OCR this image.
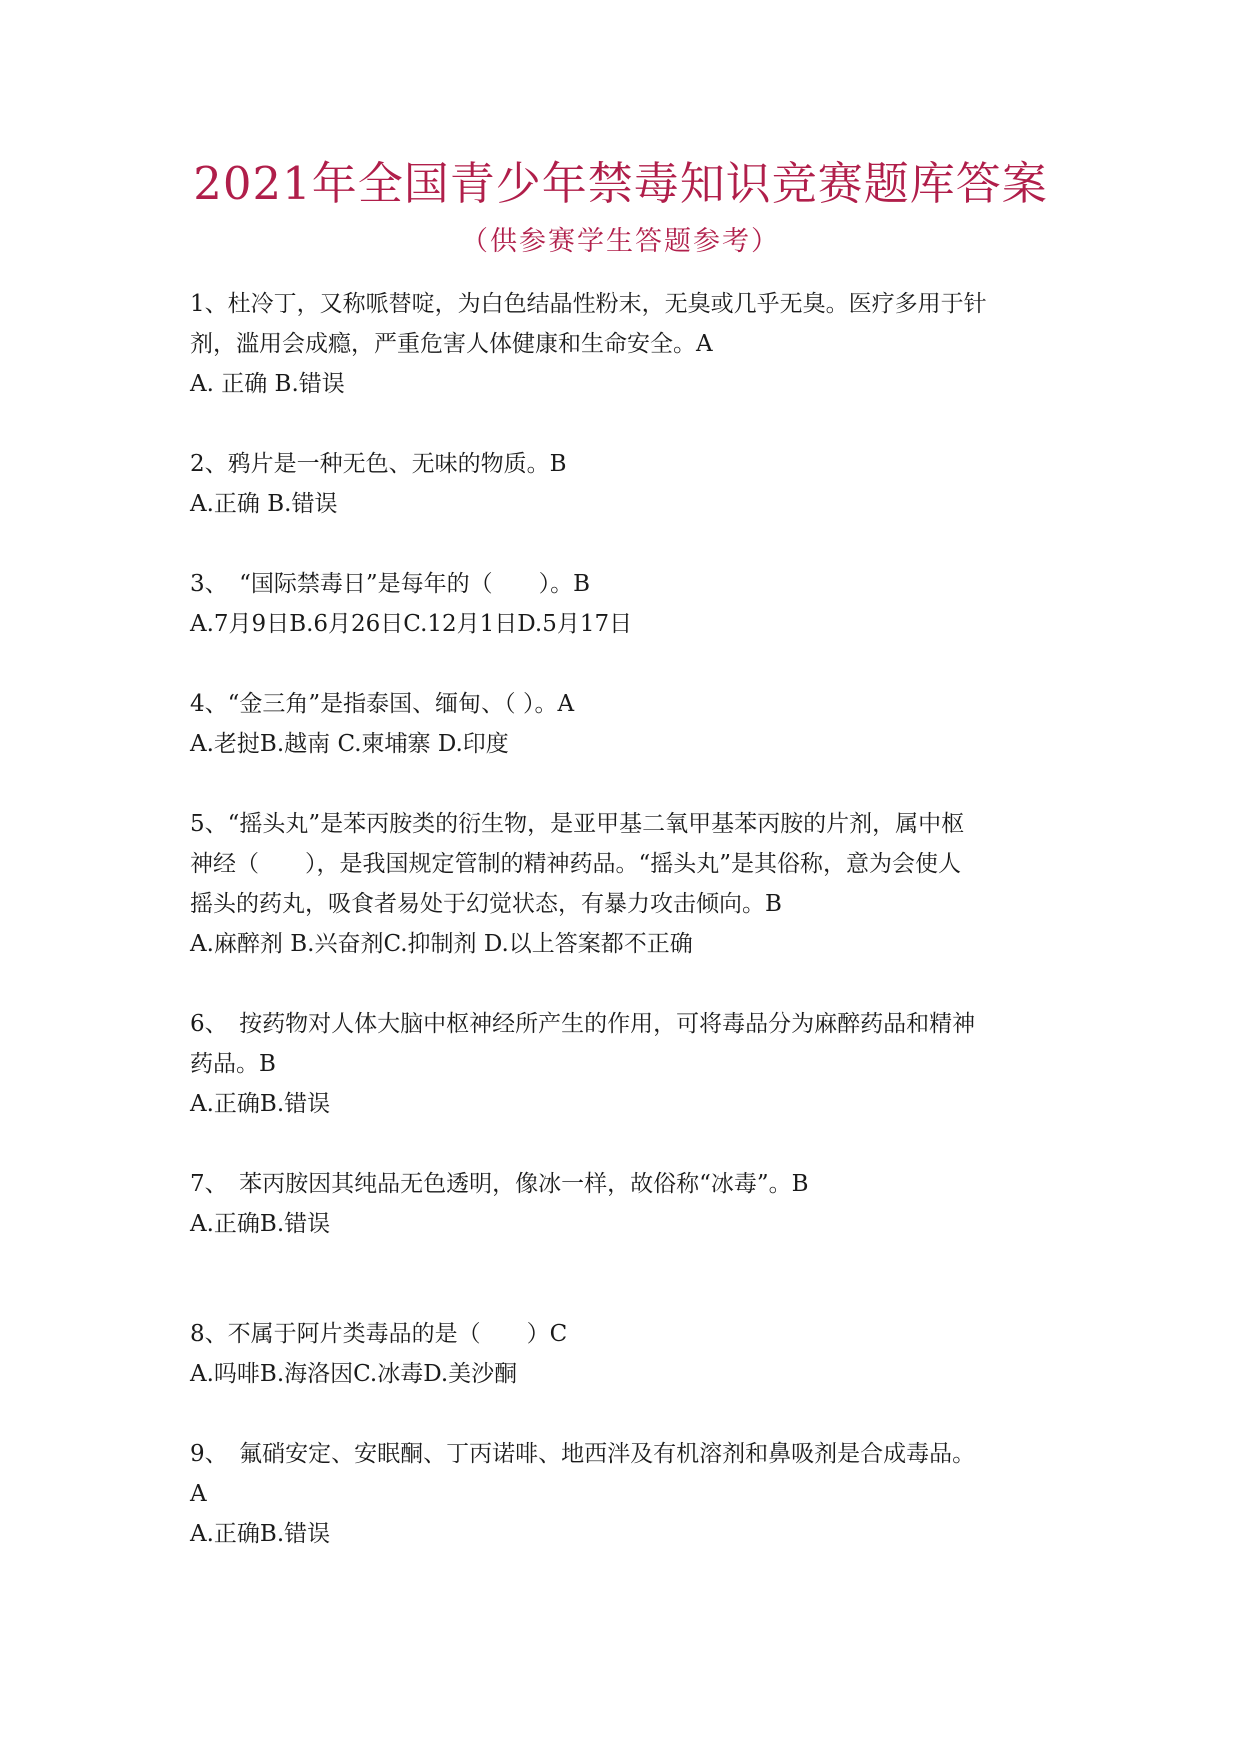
2021年全国青少年禁毒知识竞赛题库答案
（供参赛学生答题参考）
1、杜冷丁，又称哌替啶，为白色结晶性粉末，无臭或几乎无臭。医疗多用于针
剂，滥用会成瘾，严重危害人体健康和生命安全。A
A. 正确 B.错误
2、鸦片是一种无色、无味的物质。B
A.正确 B.错误
3、　“国际禁毒日”是每年的（　　）。B
A.7月9日B.6月26日C.12月1日D.5月17日
4、“金三角”是指泰国、缅甸、（ ）。A
A.老挝B.越南 C.柬埔寨 D.印度
5、“摇头丸”是苯丙胺类的衍生物，是亚甲基二氧甲基苯丙胺的片剂，属中枢
神经（　　），是我国规定管制的精神药品。“摇头丸”是其俗称，意为会使人
摇头的药丸，吸食者易处于幻觉状态，有暴力攻击倾向。B
A.麻醉剂 B.兴奋剂C.抑制剂 D.以上答案都不正确
6、　按药物对人体大脑中枢神经所产生的作用，可将毒品分为麻醉药品和精神
药品。B
A.正确B.错误
7、　苯丙胺因其纯品无色透明，像冰一样，故俗称“冰毒”。B
A.正确B.错误
8、不属于阿片类毒品的是（　　）C
A.吗啡B.海洛因C.冰毒D.美沙酮
9、　氟硝安定、安眠酮、丁丙诺啡、地西泮及有机溶剂和鼻吸剂是合成毒品。
A
A.正确B.错误
